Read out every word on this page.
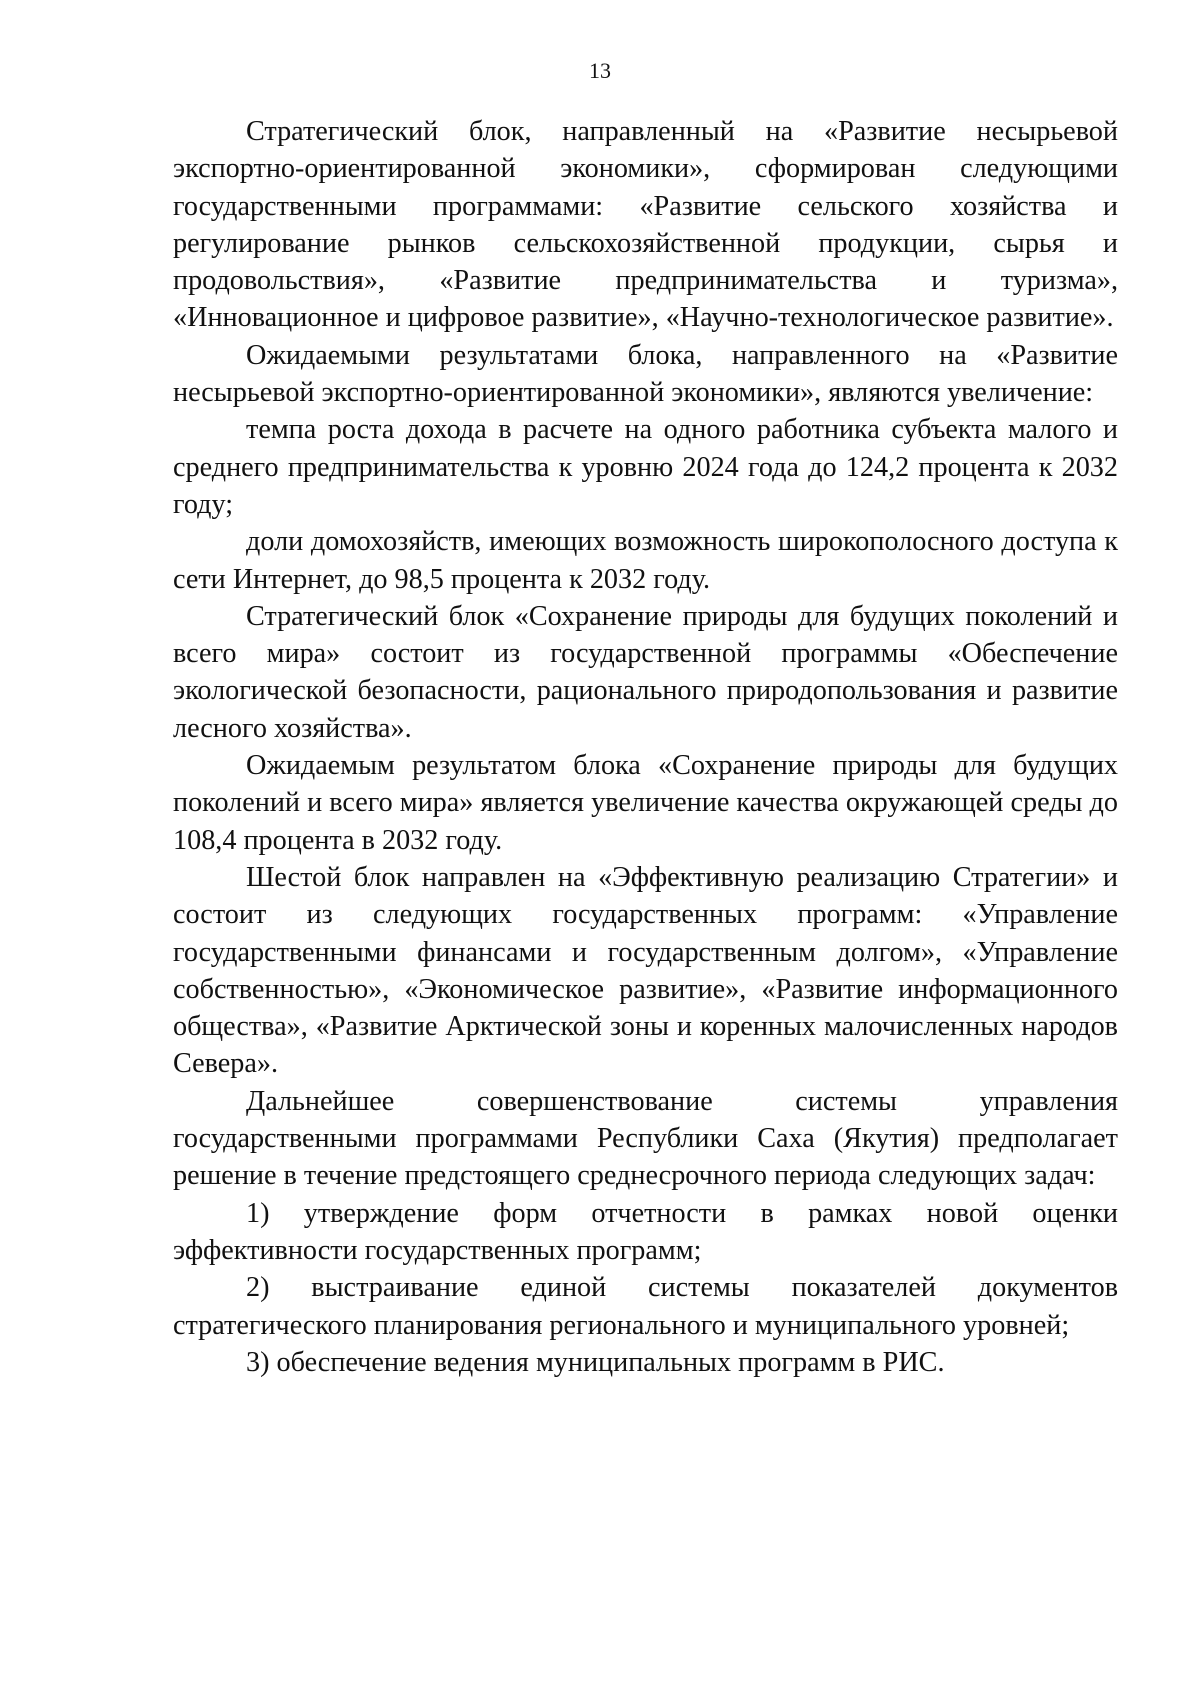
13

Стратегический блок, направленный на «Развитие несырьевой экспортно-ориентированной экономики», сформирован следующими государственными программами: «Развитие сельского хозяйства и регулирование рынков сельскохозяйственной продукции, сырья и продовольствия», «Развитие предпринимательства и туризма», «Инновационное и цифровое развитие», «Научно-технологическое развитие».

Ожидаемыми результатами блока, направленного на «Развитие несырьевой экспортно-ориентированной экономики», являются увеличение:

темпа роста дохода в расчете на одного работника субъекта малого и среднего предпринимательства к уровню 2024 года до 124,2 процента к 2032 году;

доли домохозяйств, имеющих возможность широкополосного доступа к сети Интернет, до 98,5 процента к 2032 году.

Стратегический блок «Сохранение природы для будущих поколений и всего мира» состоит из государственной программы «Обеспечение экологической безопасности, рационального природопользования и развитие лесного хозяйства».

Ожидаемым результатом блока «Сохранение природы для будущих поколений и всего мира» является увеличение качества окружающей среды до 108,4 процента в 2032 году.

Шестой блок направлен на «Эффективную реализацию Стратегии» и состоит из следующих государственных программ: «Управление государственными финансами и государственным долгом», «Управление собственностью», «Экономическое развитие», «Развитие информационного общества», «Развитие Арктической зоны и коренных малочисленных народов Севера».

Дальнейшее совершенствование системы управления государственными программами Республики Саха (Якутия) предполагает решение в течение предстоящего среднесрочного периода следующих задач:

1) утверждение форм отчетности в рамках новой оценки эффективности государственных программ;

2) выстраивание единой системы показателей документов стратегического планирования регионального и муниципального уровней;

3) обеспечение ведения муниципальных программ в РИС.
